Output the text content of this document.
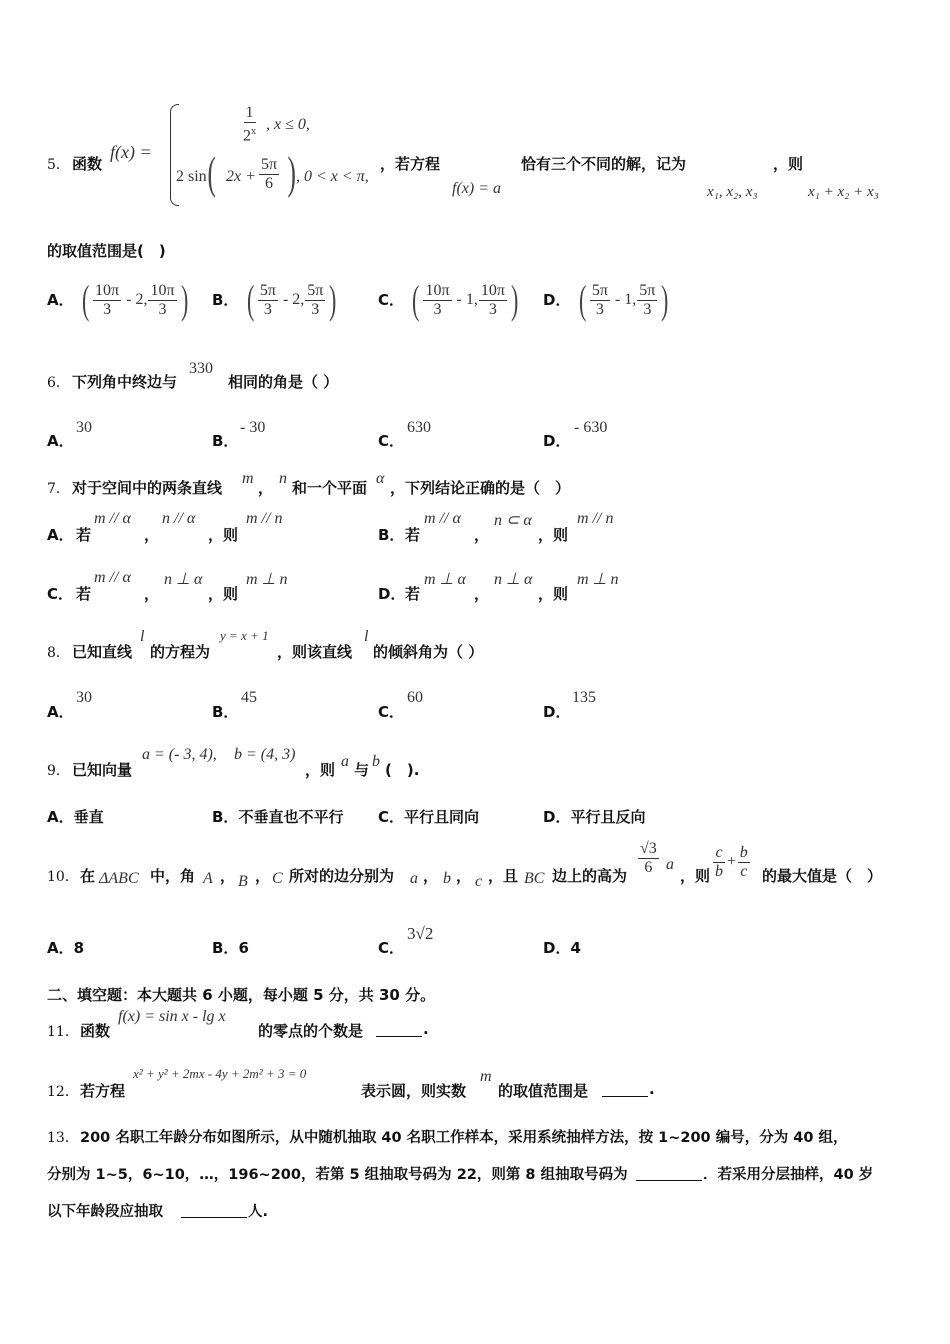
5． 函数
f(x) =
$\frac{1}{2^x}$ , x ≤ 0,
2 sin ( $2x + \frac{5\pi}{6}$ ) , 0 < x < π,
，若方程
f(x) = a
恰有三个不同的解，记为
x₁, x₂, x₃
，则
x₁ + x₂ + x₃
的取值范围是(　)
A． ( $\frac{10\pi}{3} - 2$, $\frac{10\pi}{3}$ ) B． ( $\frac{5\pi}{3} - 2$, $\frac{5\pi}{3}$ )	C． ( $\frac{10\pi}{3} - 1$, $\frac{10\pi}{3}$ ) D． ( $\frac{5\pi}{3} - 1$, $\frac{5\pi}{3}$ )
6． 下列角中终边与
330
相同的角是（ ）
A．
30
B．
- 30
C．
630
D．
- 630
7． 对于空间中的两条直线
m
，
n
和一个平面
α
，下列结论正确的是（　）
A． 若
m // α
，
n // α
，则
m // n
B． 若
m // α
，
n ⊂ α
，则
m // n
C． 若
m // α
，
n ⊥ α
，则
m ⊥ n
D． 若
m ⊥ α
，
n ⊥ α
，则
m ⊥ n
8． 已知直线
l
的方程为
y = x + 1
，则该直线
l
的倾斜角为（ ）
A．
30
B．
45
C．
60
D．
135
9． 已知向量
a = (- 3, 4), b = (4, 3)
，则 a 与 b (　).
A．垂直	B．不垂直也不平行 C．平行且同向	D．平行且反向
10． 在 ΔABC 中，角 A ， B ， C 所对的边分别为 a ， b ， c ，且 BC 边上的高为 $\frac{√3}{6}$ a
，则 $\frac{c}{b} + \frac{b}{c}$ 的最大值是（　）
A．8	B．6	C．
3√2
D．4
二、填空题：本大题共 6 小题，每小题 5 分，共 30 分。
11． 函数
f(x) = sin x - lg x
的零点的个数是	.
12． 若方程
x² + y² + 2mx - 4y + 2m² + 3 = 0
表示圆，则实数
m
的取值范围是	.
13． 200 名职工年龄分布如图所示，从中随机抽取 40 名职工作样本，采用系统抽样方法，按 1~200 编号，分为 40 组，
分别为 1~5，6~10，…，196~200，若第 5 组抽取号码为 22，则第 8 组抽取号码为	．若采用分层抽样，40 岁
以下年龄段应抽取	人.
